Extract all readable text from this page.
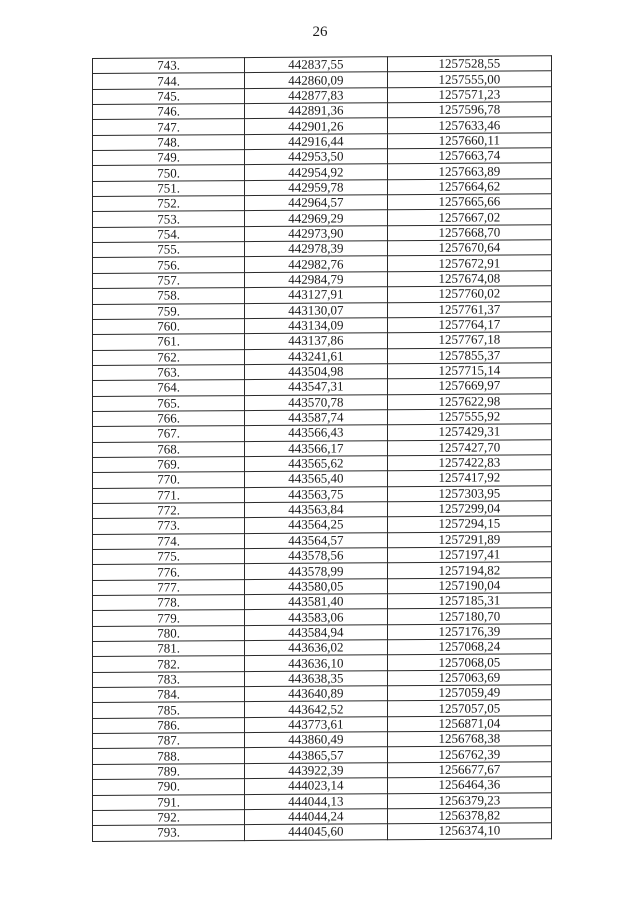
26
743.	442837,55	1257528,55
744.	442860,09	1257555,00
745.	442877,83	1257571,23
746.	442891,36	1257596,78
747.	442901,26	1257633,46
748.	442916,44	1257660,11
749.	442953,50	1257663,74
750.	442954,92	1257663,89
751.	442959,78	1257664,62
752.	442964,57	1257665,66
753.	442969,29	1257667,02
754.	442973,90	1257668,70
755.	442978,39	1257670,64
756.	442982,76	1257672,91
757.	442984,79	1257674,08
758.	443127,91	1257760,02
759.	443130,07	1257761,37
760.	443134,09	1257764,17
761.	443137,86	1257767,18
762.	443241,61	1257855,37
763.	443504,98	1257715,14
764.	443547,31	1257669,97
765.	443570,78	1257622,98
766.	443587,74	1257555,92
767.	443566,43	1257429,31
768.	443566,17	1257427,70
769.	443565,62	1257422,83
770.	443565,40	1257417,92
771.	443563,75	1257303,95
772.	443563,84	1257299,04
773.	443564,25	1257294,15
774.	443564,57	1257291,89
775.	443578,56	1257197,41
776.	443578,99	1257194,82
777.	443580,05	1257190,04
778.	443581,40	1257185,31
779.	443583,06	1257180,70
780.	443584,94	1257176,39
781.	443636,02	1257068,24
782.	443636,10	1257068,05
783.	443638,35	1257063,69
784.	443640,89	1257059,49
785.	443642,52	1257057,05
786.	443773,61	1256871,04
787.	443860,49	1256768,38
788.	443865,57	1256762,39
789.	443922,39	1256677,67
790.	444023,14	1256464,36
791.	444044,13	1256379,23
792.	444044,24	1256378,82
793.	444045,60	1256374,10
